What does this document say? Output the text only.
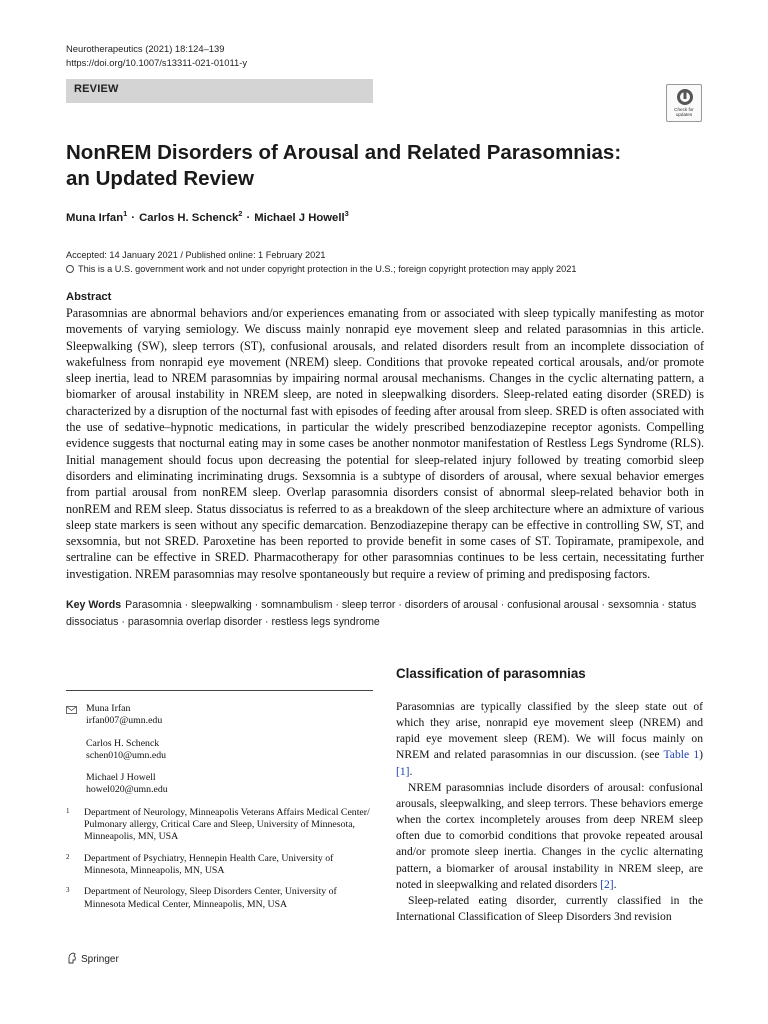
Neurotherapeutics (2021) 18:124–139
https://doi.org/10.1007/s13311-021-01011-y
REVIEW
Check for updates
NonREM Disorders of Arousal and Related Parasomnias:
an Updated Review
Muna Irfan$^1$ · Carlos H. Schenck$^2$ · Michael J Howell$^3$
Accepted: 14 January 2021 / Published online: 1 February 2021
This is a U.S. government work and not under copyright protection in the U.S.; foreign copyright protection may apply 2021
Abstract

Parasomnias are abnormal behaviors and/or experiences emanating from or associated with sleep typically manifesting as motor movements of varying semiology. We discuss mainly nonrapid eye movement sleep and related parasomnias in this article. Sleepwalking (SW), sleep terrors (ST), confusional arousals, and related disorders result from an incomplete dissociation of wakefulness from nonrapid eye movement (NREM) sleep. Conditions that provoke repeated cortical arousals, and/or promote sleep inertia, lead to NREM parasomnias by impairing normal arousal mechanisms. Changes in the cyclic alternating pattern, a biomarker of arousal instability in NREM sleep, are noted in sleepwalking disorders. Sleep-related eating disorder (SRED) is characterized by a disruption of the nocturnal fast with episodes of feeding after arousal from sleep. SRED is often associated with the use of sedative–hypnotic medications, in particular the widely prescribed benzodiazepine receptor agonists. Compelling evidence suggests that nocturnal eating may in some cases be another nonmotor manifestation of Restless Legs Syndrome (RLS). Initial management should focus upon decreasing the potential for sleep-related injury followed by treating comorbid sleep disorders and eliminating incriminating drugs. Sexsomnia is a subtype of disorders of arousal, where sexual behavior emerges from partial arousal from nonREM sleep. Overlap parasomnia disorders consist of abnormal sleep-related behavior both in nonREM and REM sleep. Status dissociatus is referred to as a breakdown of the sleep architecture where an admixture of various sleep state markers is seen without any specific demarcation. Benzodiazepine therapy can be effective in controlling SW, ST, and sexsomnia, but not SRED. Paroxetine has been reported to provide benefit in some cases of ST. Topiramate, pramipexole, and sertraline can be effective in SRED. Pharmacotherapy for other parasomnias continues to be less certain, necessitating further investigation. NREM parasomnias may resolve spontaneously but require a review of priming and predisposing factors.

Key Words Parasomnia · sleepwalking · somnambulism · sleep terror · disorders of arousal · confusional arousal · sexsomnia · status dissociatus · parasomnia overlap disorder · restless legs syndrome
Classification of parasomnias

Parasomnias are typically classified by the sleep state out of which they arise, nonrapid eye movement sleep (NREM) and rapid eye movement sleep (REM). We will focus mainly on NREM and related parasomnias in our discussion. (see Table 1) [1].

NREM parasomnias include disorders of arousal: confusional arousals, sleepwalking, and sleep terrors. These behaviors emerge when the cortex incompletely arouses from deep NREM sleep often due to comorbid conditions that provoke repeated arousal and/or promote sleep inertia. Changes in the cyclic alternating pattern, a biomarker of arousal instability in NREM sleep, are noted in sleepwalking and related disorders [2].

Sleep-related eating disorder, currently classified in the International Classification of Sleep Disorders 3nd revision

Muna Irfan
irfan007@umn.edu
Carlos H. Schenck
schen010@umn.edu
Michael J Howell
howel020@umn.edu
1 Department of Neurology, Minneapolis Veterans Affairs Medical Center/ Pulmonary allergy, Critical Care and Sleep, University of Minnesota, Minneapolis, MN, USA
2 Department of Psychiatry, Hennepin Health Care, University of Minnesota, Minneapolis, MN, USA
3 Department of Neurology, Sleep Disorders Center, University of Minnesota Medical Center, Minneapolis, MN, USA
Springer
